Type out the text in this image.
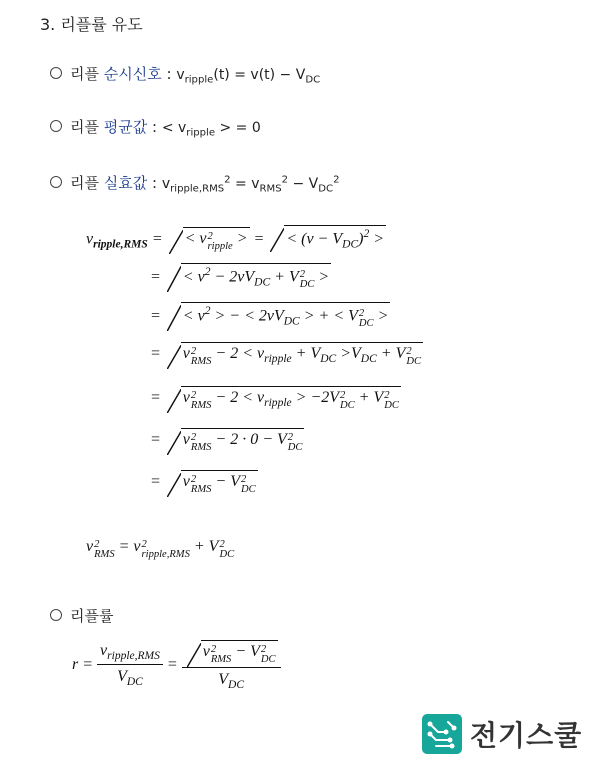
3. 리플률 유도
리플 순시신호 : $v_{ripple}(t) = v(t) - V_{DC}$
리플 평균값 : < $v_{ripple}$ > = 0
리플 실효값 : $v_{ripple,RMS}^2 = v_{RMS}^2 - V_{DC}^2$
$v_{ripple,RMS}$ = < v 2
ripple > = < $(v - V_{DC})^2$ >
= < $v^2 - 2vV_{DC} + V$ 2
DC >
= < $v^2$ > − < $2vV_{DC}$ > + < V 2
DC >
= v 2
RMS − $2 < v_{ripple} + V_{DC} >V_{DC} + V$ 2
DC
= v 2
RMS − $2 < v_{ripple} > -2V$ 2
DC + V 2
DC
= v 2
RMS − 2 · 0 − V 2
DC
= v 2
RMS − V 2
DC
v 2
RMS = v 2
ripple,RMS + V 2
DC
리플률
$r = \frac{v_{ripple,RMS}}{V_{DC}} = v$ 2
RMS − V 2
DC
$V_{DC}$
전기스쿨
